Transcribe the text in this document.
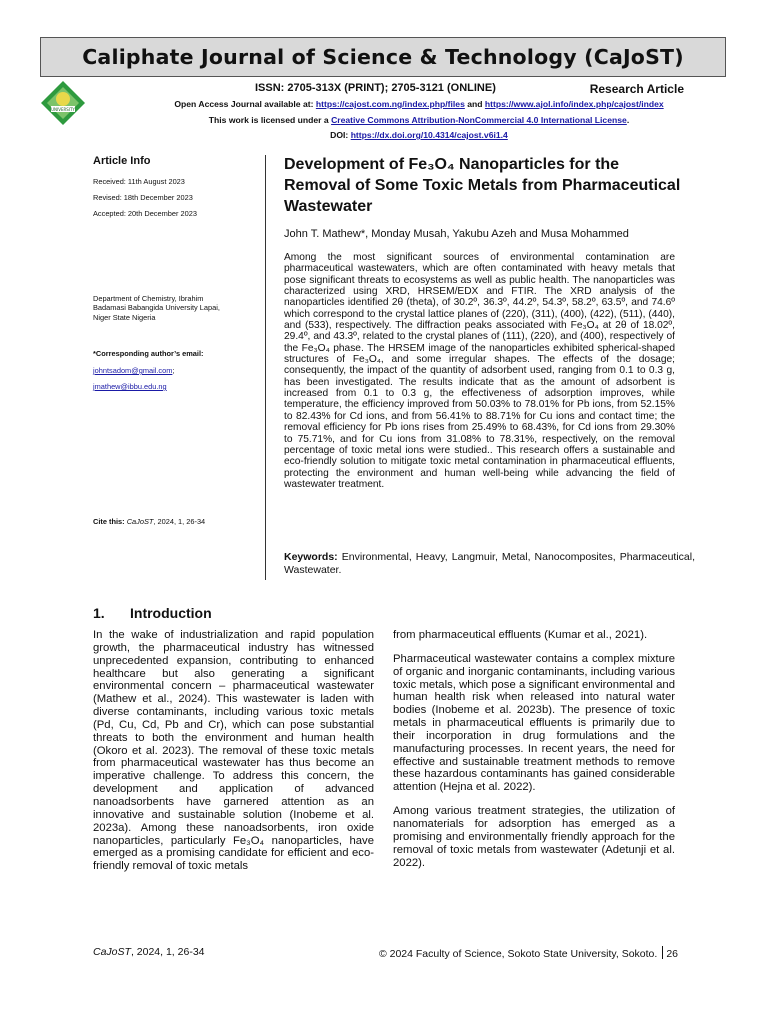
Caliphate Journal of Science & Technology (CaJoST)
UNIVERSITY
ISSN: 2705-313X (PRINT); 2705-3121 (ONLINE)	Research Article
Open Access Journal available at: https://cajost.com.ng/index.php/files and https://www.ajol.info/index.php/cajost/index
This work is licensed under a Creative Commons Attribution-NonCommercial 4.0 International License.
DOI: https://dx.doi.org/10.4314/cajost.v6i1.4
Article Info
Received: 11th August 2023
Revised: 18th December 2023
Accepted: 20th December 2023
Department of Chemistry, Ibrahim
Badamasi Babangida University Lapai,
Niger State Nigeria
*Corresponding author’s email:
johntsadom@gmail.com;
jmathew@ibbu.edu.ng
Cite this: CaJoST, 2024, 1, 26-34
Development of Fe₃O₄ Nanoparticles for the Removal of Some Toxic Metals from Pharmaceutical Wastewater
John T. Mathew*, Monday Musah, Yakubu Azeh and Musa Mohammed
Among the most significant sources of environmental contamination are pharmaceutical wastewaters, which are often contaminated with heavy metals that pose significant threats to ecosystems as well as public health. The nanoparticles was characterized using XRD, HRSEM/EDX and FTIR. The XRD analysis of the nanoparticles identified 2θ (theta), of 30.2º, 36.3º, 44.2º, 54.3º, 58.2º, 63.5º, and 74.6º which correspond to the crystal lattice planes of (220), (311), (400), (422), (511), (440), and (533), respectively. The diffraction peaks associated with Fe₃O₄ at 2θ of 18.02º, 29.4º, and 43.3º, related to the crystal planes of (111), (220), and (400), respectively of the Fe₃O₄ phase. The HRSEM image of the nanoparticles exhibited spherical-shaped structures of Fe₃O₄, and some irregular shapes. The effects of the dosage; consequently, the impact of the quantity of adsorbent used, ranging from 0.1 to 0.3 g, has been investigated. The results indicate that as the amount of adsorbent is increased from 0.1 to 0.3 g, the effectiveness of adsorption improves, while temperature, the efficiency improved from 50.03% to 78.01% for Pb ions, from 52.15% to 82.43% for Cd ions, and from 56.41% to 88.71% for Cu ions and contact time; the removal efficiency for Pb ions rises from 25.49% to 68.43%, for Cd ions from 29.30% to 75.71%, and for Cu ions from 31.08% to 78.31%, respectively, on the removal percentage of toxic metal ions were studied.. This research offers a sustainable and eco-friendly solution to mitigate toxic metal contamination in pharmaceutical effluents, protecting the environment and human well-being while advancing the field of wastewater treatment.
Keywords: Environmental, Heavy, Langmuir, Metal, Nanocomposites, Pharmaceutical, Wastewater.
1. Introduction

In the wake of industrialization and rapid population growth, the pharmaceutical industry has witnessed unprecedented expansion, contributing to enhanced healthcare but also generating a significant environmental concern – pharmaceutical wastewater (Mathew et al., 2024). This wastewater is laden with diverse contaminants, including various toxic metals (Pd, Cu, Cd, Pb and Cr), which can pose substantial threats to both the environment and human health (Okoro et al. 2023). The removal of these toxic metals from pharmaceutical wastewater has thus become an imperative challenge. To address this concern, the development and application of advanced nanoadsorbents have garnered attention as an innovative and sustainable solution (Inobeme et al. 2023a). Among these nanoadsorbents, iron oxide nanoparticles, particularly Fe₃O₄ nanoparticles, have emerged as a promising candidate for efficient and eco-friendly removal of toxic metals

from pharmaceutical effluents (Kumar et al., 2021).

Pharmaceutical wastewater contains a complex mixture of organic and inorganic contaminants, including various toxic metals, which pose a significant environmental and human health risk when released into natural water bodies (Inobeme et al. 2023b). The presence of toxic metals in pharmaceutical effluents is primarily due to their incorporation in drug formulations and the manufacturing processes. In recent years, the need for effective and sustainable treatment methods to remove these hazardous contaminants has gained considerable attention (Hejna et al. 2022).

Among various treatment strategies, the utilization of nanomaterials for adsorption has emerged as a promising and environmentally friendly approach for the removal of toxic metals from wastewater (Adetunji et al. 2022).

CaJoST, 2024, 1, 26-34	© 2024 Faculty of Science, Sokoto State University, Sokoto. 26
